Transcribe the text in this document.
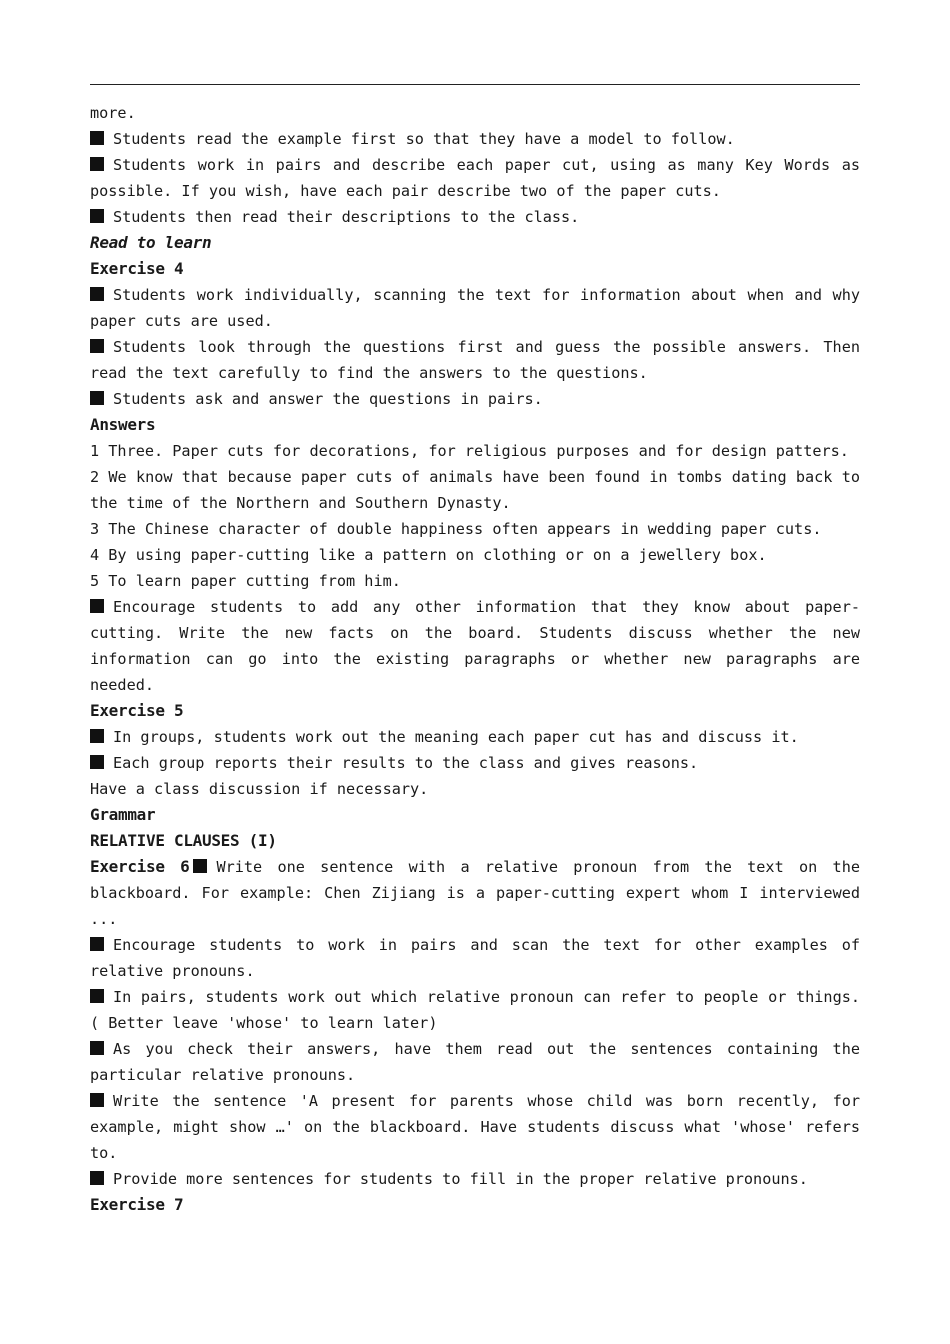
more.

Students read the example first so that they have a model to follow.

Students work in pairs and describe each paper cut, using as many Key Words as possible. If you wish, have each pair describe two of the paper cuts.

Students then read their descriptions to the class.

Read to learn

Exercise 4

Students work individually, scanning the text for information about when and why paper cuts are used.

Students look through the questions first and guess the possible answers. Then read the text carefully to find the answers to the questions.

Students ask and answer the questions in pairs.

Answers

1 Three. Paper cuts for decorations, for religious purposes and for design patters.

2 We know that because paper cuts of animals have been found in tombs dating back to the time of the Northern and Southern Dynasty.

3 The Chinese character of double happiness often appears in wedding paper cuts.

4 By using paper-cutting like a pattern on clothing or on a jewellery box.

5 To learn paper cutting from him.

Encourage students to add any other information that they know about paper-cutting. Write the new facts on the board. Students discuss whether the new information can go into the existing paragraphs or whether new paragraphs are needed.

Exercise 5

In groups, students work out the meaning each paper cut has and discuss it.

Each group reports their results to the class and gives reasons.

Have a class discussion if necessary.

Grammar

RELATIVE CLAUSES (I)

Exercise 6 Write one sentence with a relative pronoun from the text on the blackboard. For example: Chen Zijiang is a paper-cutting expert whom I interviewed ...

Encourage students to work in pairs and scan the text for other examples of relative pronouns.

In pairs, students work out which relative pronoun can refer to people or things. ( Better leave 'whose' to learn later)

As you check their answers, have them read out the sentences containing the particular relative pronouns.

Write the sentence 'A present for parents whose child was born recently, for example, might show …' on the blackboard. Have students discuss what 'whose' refers to.

Provide more sentences for students to fill in the proper relative pronouns.

Exercise 7
